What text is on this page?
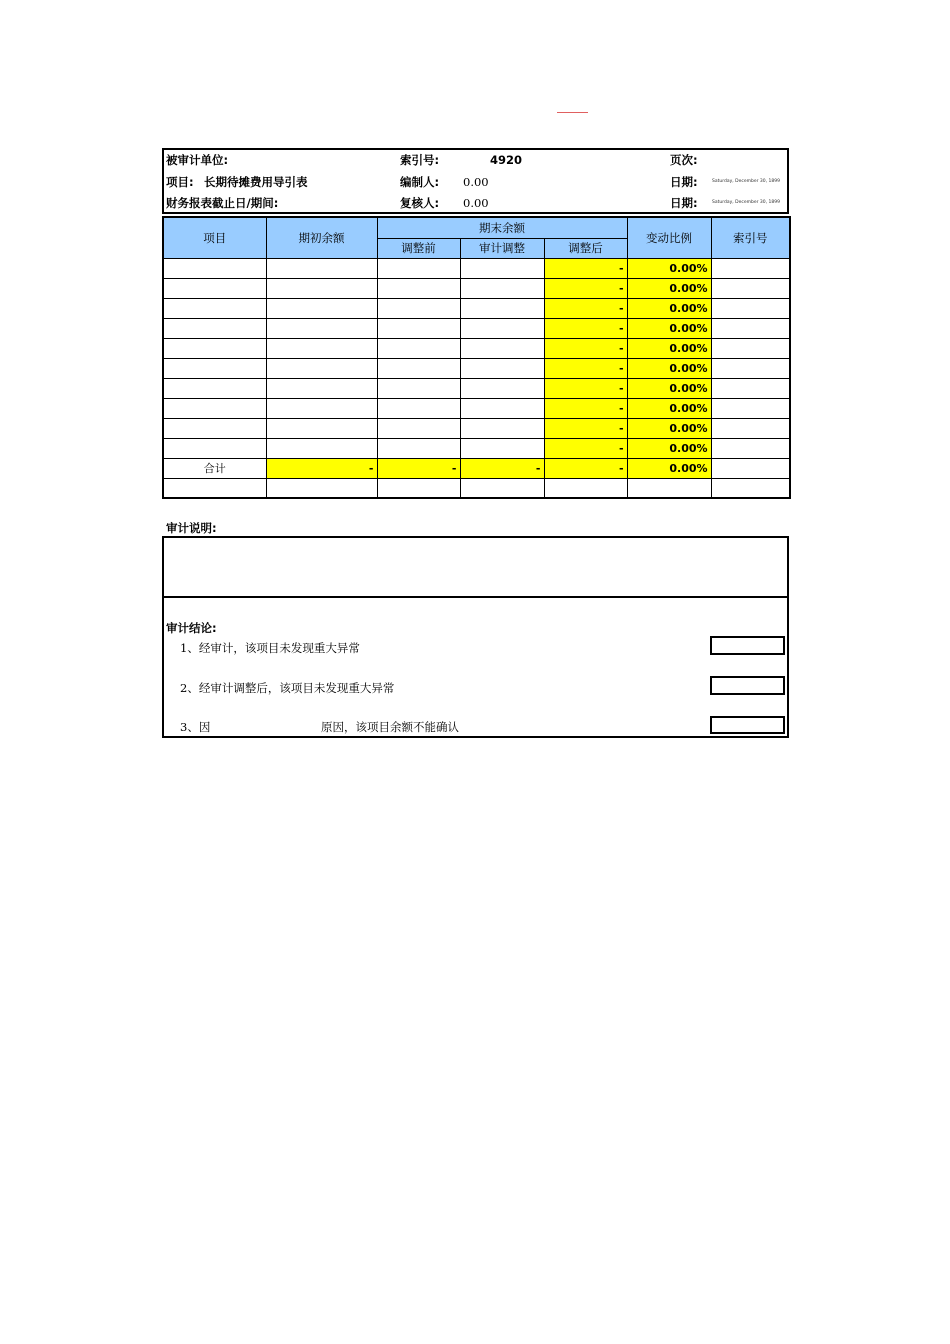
被审计单位:
项目: 长期待摊费用导引表
财务报表截止日/期间:
索引号:	4920
编制人: 0.00
复核人: 0.00
页次:
日期:	Saturday, December 30, 1899
日期:	Saturday, December 30, 1899
项目	期初余额	期末余额			变动比例	索引号
		调整前	审计调整	调整后		
				-	0.00%	
				-	0.00%	
				-	0.00%	
				-	0.00%	
				-	0.00%	
				-	0.00%	
				-	0.00%	
				-	0.00%	
				-	0.00%	
				-	0.00%	
合计	-	-	-	-	0.00%	

审计说明:
审计结论:
1、经审计，该项目未发现重大异常
2、经审计调整后，该项目未发现重大异常
3、因	原因，该项目余额不能确认
